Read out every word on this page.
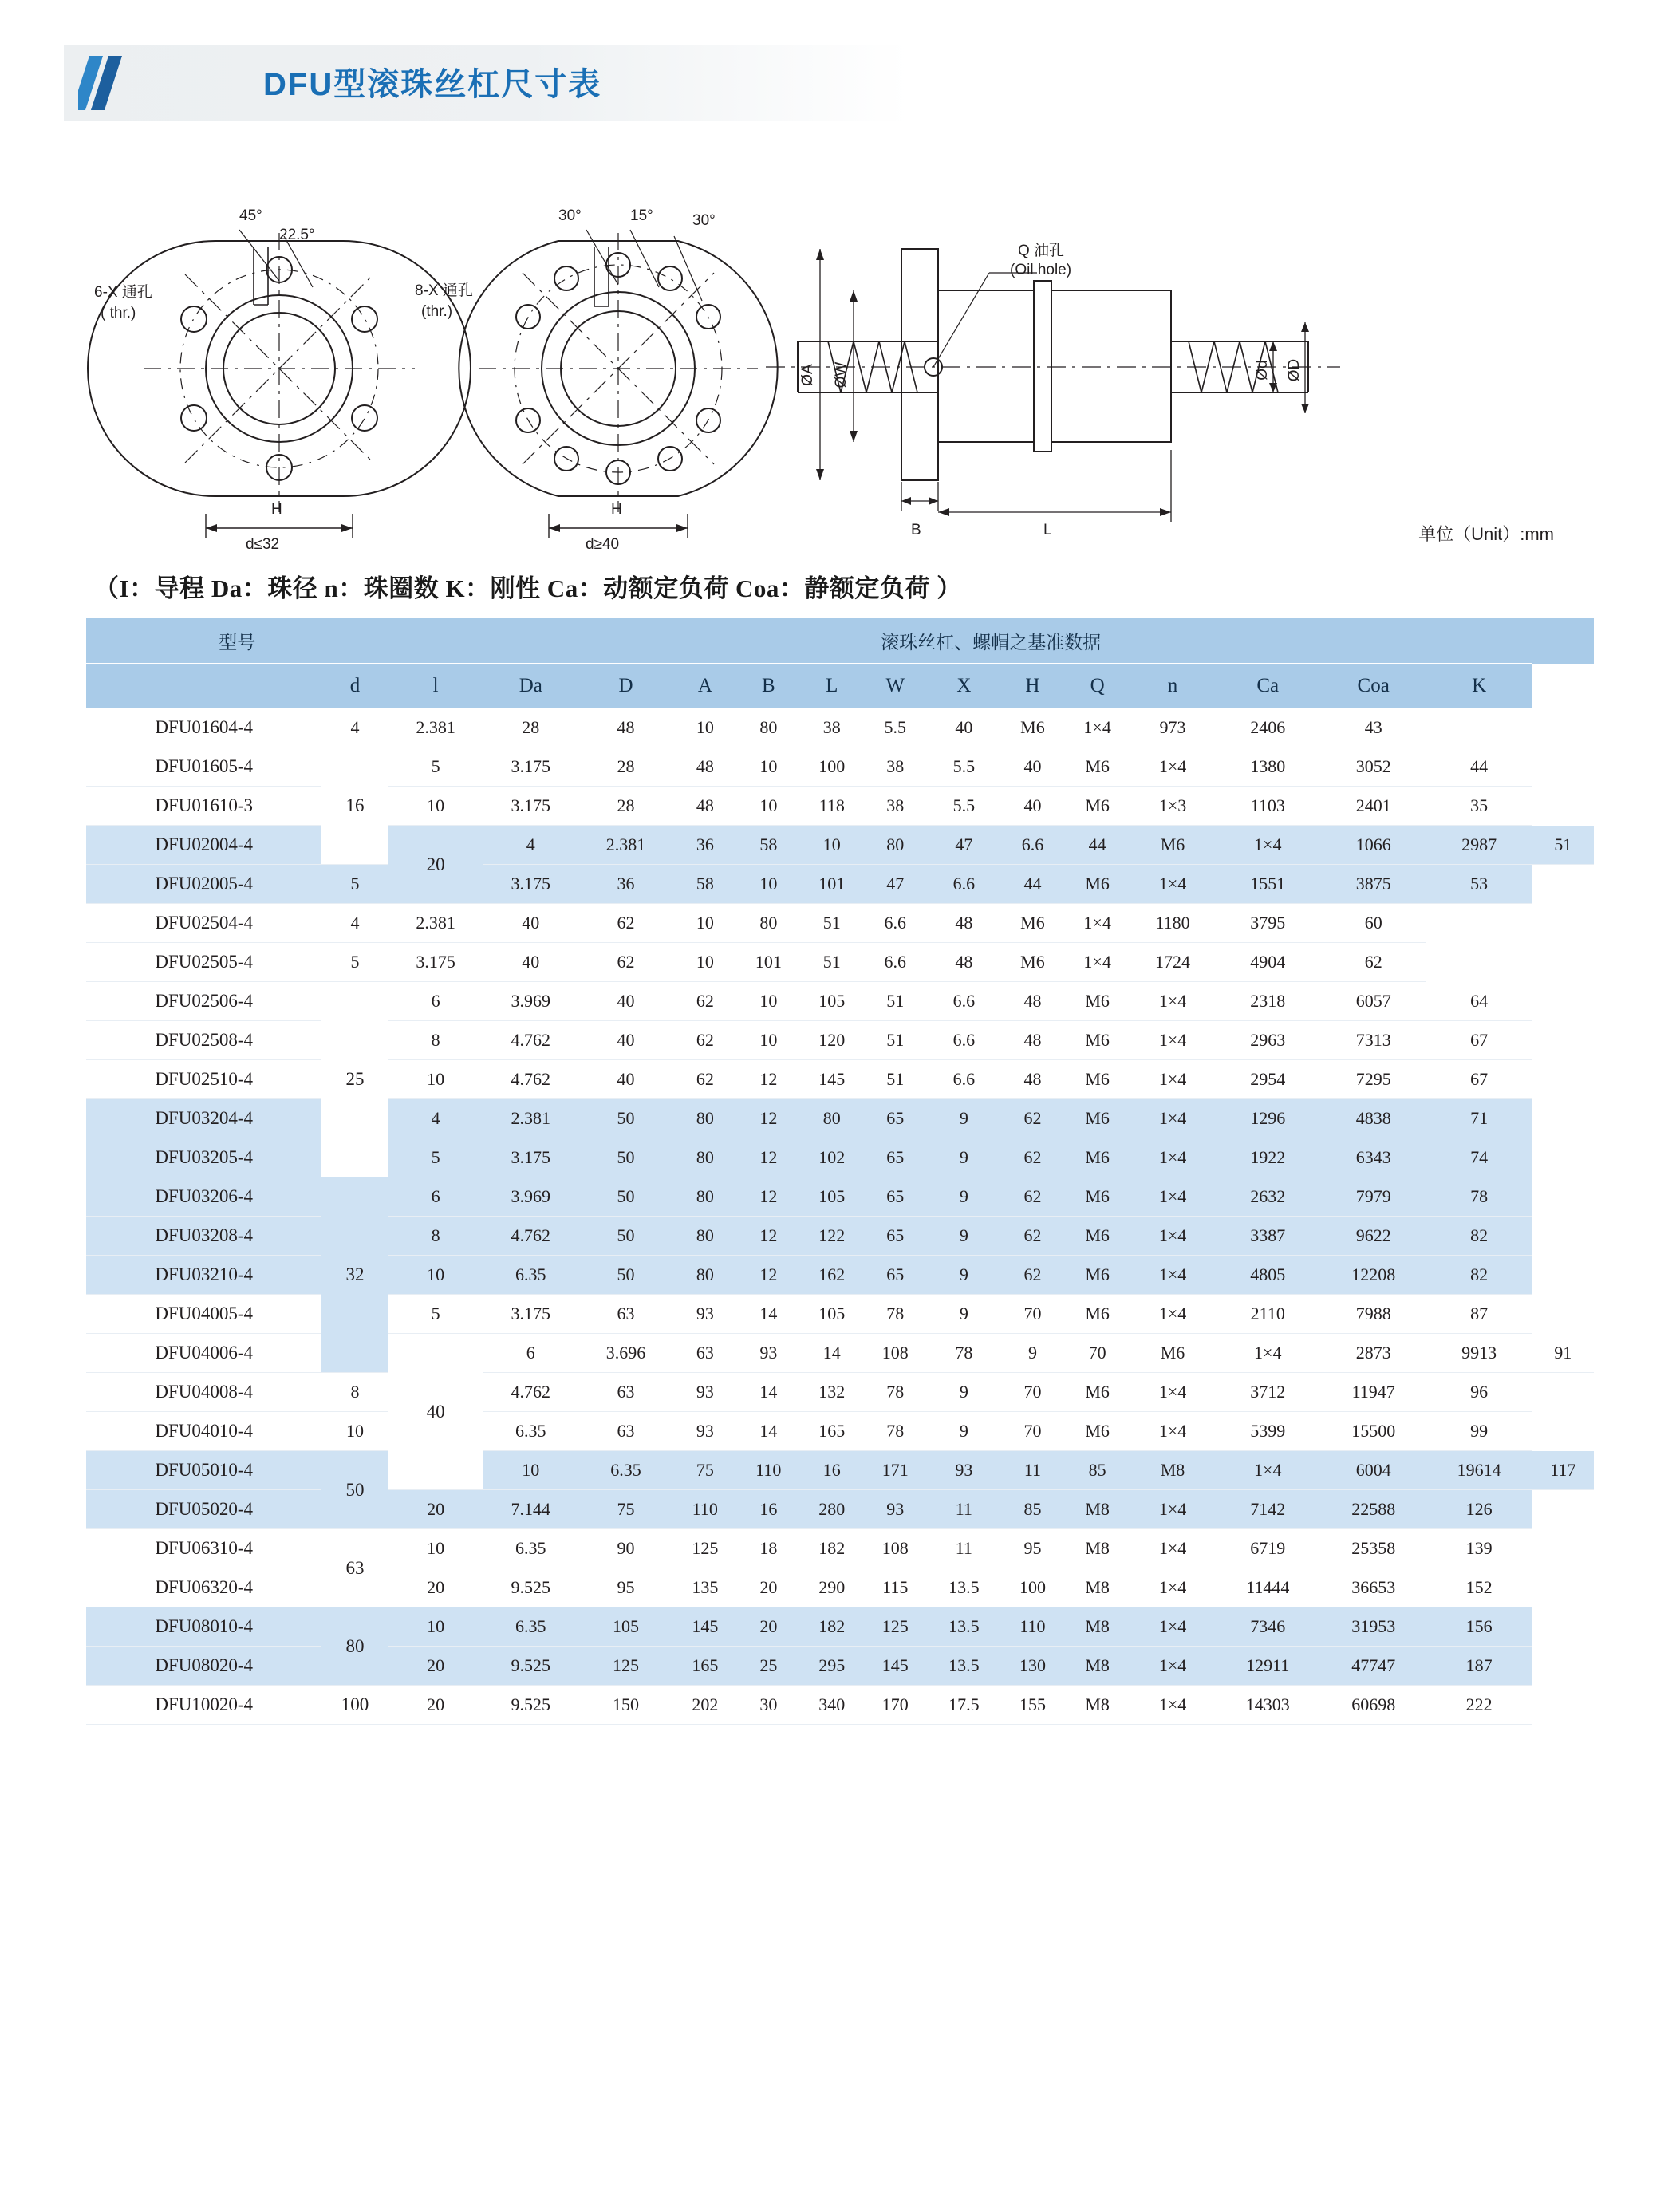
DFU型滚珠丝杠尺寸表
6-X 通孔
( thr.)
45°
22.5°
8-X 通孔
(thr.)
30°	15°	30°
Q 油孔
(Oil hole)
H
d≤32
H
d≥40
ØA ØW	Ød ØD
B	L	单位（Unit）:mm
（I：导程 Da：珠径 n：珠圈数 K：刚性 Ca：动额定负荷 Coa：静额定负荷 ）
型号		滚珠丝杠、螺帽之基准数据														
	d	l	Da	D	A	B	L	W	X	H	Q	n	Ca	Coa	K	
DFU01604-4	4	2.381	28	48	10	80	38	5.5	40	M6	1×4	973	2406	43		
DFU01605-4	16	5	3.175	28	48	10	100	38	5.5	40	M6	1×4	1380	3052	44	
DFU01610-3		10	3.175	28	48	10	118	38	5.5	40	M6	1×3	1103	2401	35	
DFU02004-4		20	4	2.381	36	58	10	80	47	6.6	44	M6	1×4	1066	2987	51
DFU02005-4	5		3.175	36	58	10	101	47	6.6	44	M6	1×4	1551	3875	53	
DFU02504-4	4	2.381	40	62	10	80	51	6.6	48	M6	1×4	1180	3795	60		
DFU02505-4	5	3.175	40	62	10	101	51	6.6	48	M6	1×4	1724	4904	62		
DFU02506-4	25	6	3.969	40	62	10	105	51	6.6	48	M6	1×4	2318	6057	64	
DFU02508-4		8	4.762	40	62	10	120	51	6.6	48	M6	1×4	2963	7313	67	
DFU02510-4		10	4.762	40	62	12	145	51	6.6	48	M6	1×4	2954	7295	67	
DFU03204-4		4	2.381	50	80	12	80	65	9	62	M6	1×4	1296	4838	71	
DFU03205-4		5	3.175	50	80	12	102	65	9	62	M6	1×4	1922	6343	74	
DFU03206-4	32	6	3.969	50	80	12	105	65	9	62	M6	1×4	2632	7979	78	
DFU03208-4		8	4.762	50	80	12	122	65	9	62	M6	1×4	3387	9622	82	
DFU03210-4		10	6.35	50	80	12	162	65	9	62	M6	1×4	4805	12208	82	
DFU04005-4		5	3.175	63	93	14	105	78	9	70	M6	1×4	2110	7988	87	
DFU04006-4		40	6	3.696	63	93	14	108	78	9	70	M6	1×4	2873	9913	91
DFU04008-4	8		4.762	63	93	14	132	78	9	70	M6	1×4	3712	11947	96	
DFU04010-4	10		6.35	63	93	14	165	78	9	70	M6	1×4	5399	15500	99	
DFU05010-4	50		10	6.35	75	110	16	171	93	11	85	M8	1×4	6004	19614	117
DFU05020-4		20	7.144	75	110	16	280	93	11	85	M8	1×4	7142	22588	126	
DFU06310-4	63	10	6.35	90	125	18	182	108	11	95	M8	1×4	6719	25358	139	
DFU06320-4		20	9.525	95	135	20	290	115	13.5	100	M8	1×4	11444	36653	152	
DFU08010-4	80	10	6.35	105	145	20	182	125	13.5	110	M8	1×4	7346	31953	156	
DFU08020-4		20	9.525	125	165	25	295	145	13.5	130	M8	1×4	12911	47747	187	
DFU10020-4	100	20	9.525	150	202	30	340	170	17.5	155	M8	1×4	14303	60698	222	
